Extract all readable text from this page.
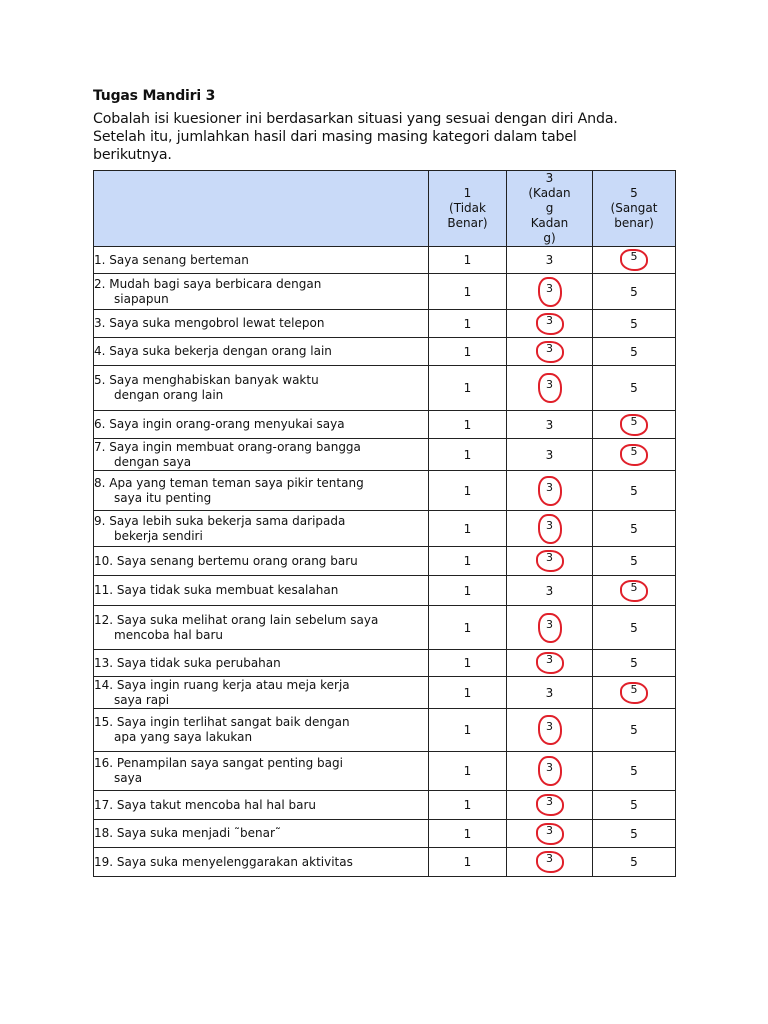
Tugas Mandiri 3
Cobalah isi kuesioner ini berdasarkan situasi yang sesuai dengan diri Anda.
Setelah itu, jumlahkan hasil dari masing masing kategori dalam tabel
berikutnya.

	1
(Tidak
Benar)	3
(Kadan
g
Kadan
g)	5
(Sangat
benar)

1. Saya senang berteman	1	3	5

2. Mudah bagi saya berbicara dengan
siapapun	1	3	5

3. Saya suka mengobrol lewat telepon	1	3	5

4. Saya suka bekerja dengan orang lain	1	3	5

5. Saya menghabiskan banyak waktu
dengan orang lain	1	3	5

6. Saya ingin orang-orang menyukai saya	1	3	5

7. Saya ingin membuat orang-orang bangga
dengan saya	1	3	5

8. Apa yang teman teman saya pikir tentang
saya itu penting	1	3	5

9. Saya lebih suka bekerja sama daripada
bekerja sendiri	1	3	5

10. Saya senang bertemu orang orang baru	1	3	5

11. Saya tidak suka membuat kesalahan	1	3	5

12. Saya suka melihat orang lain sebelum saya
mencoba hal baru	1	3	5

13. Saya tidak suka perubahan	1	3	5

14. Saya ingin ruang kerja atau meja kerja
saya rapi	1	3	5

15. Saya ingin terlihat sangat baik dengan
apa yang saya lakukan	1	3	5

16. Penampilan saya sangat penting bagi
saya	1	3	5

17. Saya takut mencoba hal hal baru	1	3	5

18. Saya suka menjadi ˜benar˜	1	3	5

19. Saya suka menyelenggarakan aktivitas	1	3	5
